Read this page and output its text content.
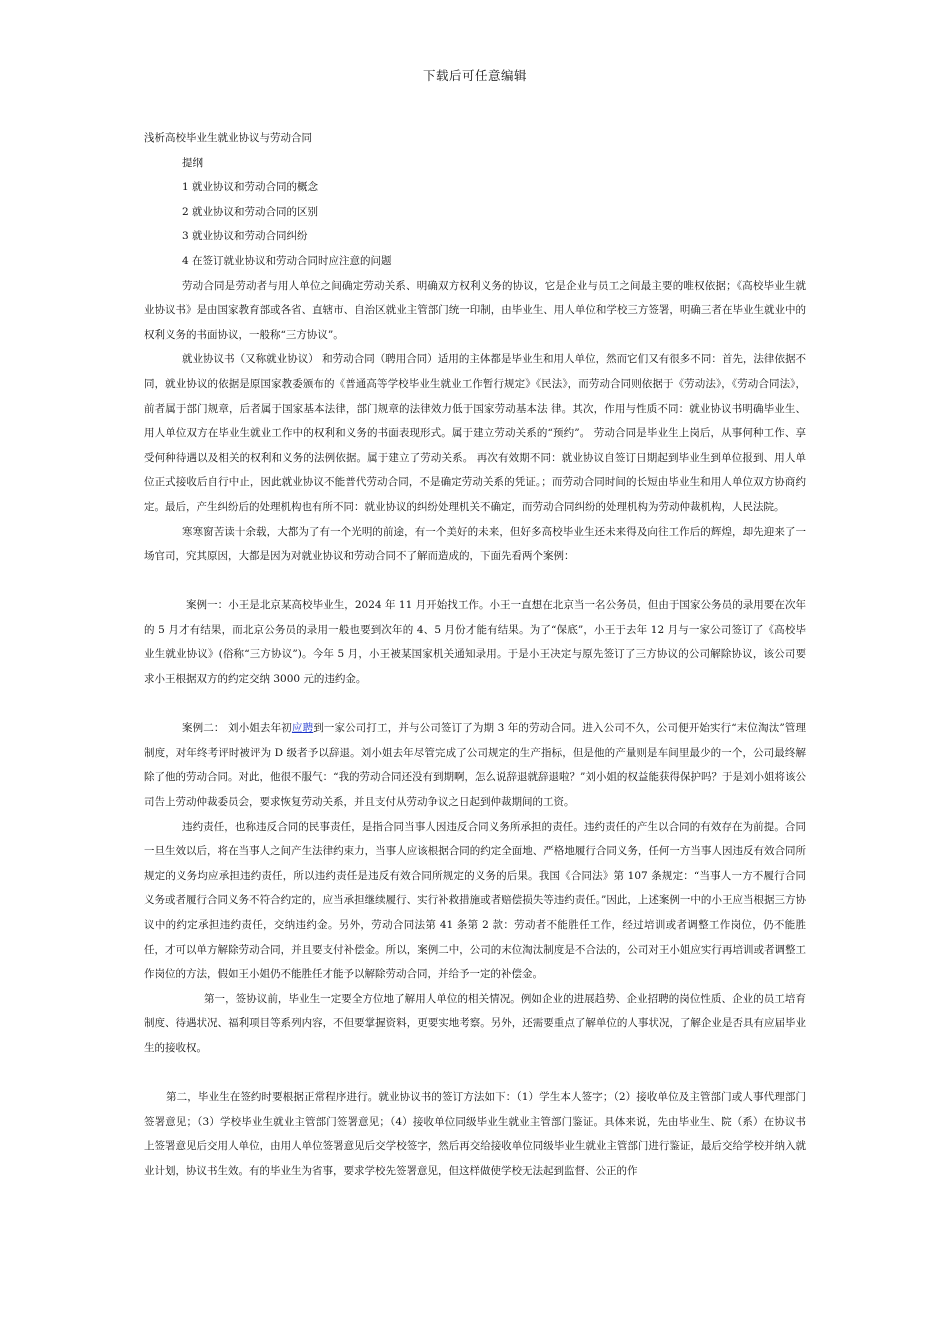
下载后可任意编辑

浅析高校毕业生就业协议与劳动合同

提纲

1 就业协议和劳动合同的概念

2 就业协议和劳动合同的区别

3 就业协议和劳动合同纠纷

4 在签订就业协议和劳动合同时应注意的问题

劳动合同是劳动者与用人单位之间确定劳动关系、明确双方权利义务的协议，它是企业与员工之间最主要的唯权依据；《高校毕业生就业协议书》是由国家教育部或各省、直辖市、自治区就业主管部门统一印制，由毕业生、用人单位和学校三方签署，明确三者在毕业生就业中的权利义务的书面协议，一般称“三方协议”。

就业协议书（又称就业协议） 和劳动合同（聘用合同）适用的主体都是毕业生和用人单位，然而它们又有很多不同：首先，法律依据不同，就业协议的依据是原国家教委颁布的《普通高等学校毕业生就业工作暂行规定》《民法》，而劳动合同则依据于《劳动法》，《劳动合同法》，前者属于部门规章，后者属于国家基本法律，部门规章的法律效力低于国家劳动基本法 律。其次，作用与性质不同：就业协议书明确毕业生、用人单位双方在毕业生就业工作中的权利和义务的书面表现形式。属于建立劳动关系的“预约”。 劳动合同是毕业生上岗后，从事何种工作、享受何种待遇以及相关的权利和义务的法例依据。属于建立了劳动关系。 再次有效期不同：就业协议自签订日期起到毕业生到单位报到、用人单位正式接收后自行中止，因此就业协议不能普代劳动合同，不是确定劳动关系的凭证。；而劳动合同时间的长短由毕业生和用人单位双方协商约定。最后，产生纠纷后的处理机构也有所不同：就业协议的纠纷处理机关不确定，而劳动合同纠纷的处理机构为劳动仲裁机构，人民法院。

寒寒窗苦读十余载，大都为了有一个光明的前途，有一个美好的未来，但好多高校毕业生还未来得及向往工作后的辉煌，却先迎来了一场官司，究其原因，大都是因为对就业协议和劳动合同不了解而造成的，下面先看两个案例：

案例一：小王是北京某高校毕业生，2024 年 11 月开始找工作。小王一直想在北京当一名公务员，但由于国家公务员的录用要在次年的 5 月才有结果，而北京公务员的录用一般也要到次年的 4、5 月份才能有结果。为了“保底”，小王于去年 12 月与一家公司签订了《高校毕业生就业协议》(俗称“三方协议”)。今年 5 月，小王被某国家机关通知录用。于是小王决定与原先签订了三方协议的公司解除协议，该公司要求小王根据双方的约定交纳 3000 元的违约金。

案例二： 刘小姐去年初应聘到一家公司打工，并与公司签订了为期 3 年的劳动合同。进入公司不久，公司便开始实行“末位淘汰”管理制度，对年终考评时被评为 D 级者予以辞退。刘小姐去年尽管完成了公司规定的生产指标，但是他的产量则是车间里最少的一个，公司最终解除了他的劳动合同。对此，他很不服气：“我的劳动合同还没有到期啊，怎么说辞退就辞退啦？”刘小姐的权益能获得保护吗？于是刘小姐将该公司告上劳动仲裁委员会，要求恢复劳动关系，并且支付从劳动争议之日起到仲裁期间的工资。

违约责任，也称违反合同的民事责任，是指合同当事人因违反合同义务所承担的责任。违约责任的产生以合同的有效存在为前提。合同一旦生效以后，将在当事人之间产生法律约束力，当事人应该根据合同的约定全面地、严格地履行合同义务，任何一方当事人因违反有效合同所规定的义务均应承担违约责任，所以违约责任是违反有效合同所规定的义务的后果。我国《合同法》第 107 条规定：“当事人一方不履行合同义务或者履行合同义务不符合约定的，应当承担继续履行、实行补救措施或者赔偿损失等违约责任。”因此，上述案例一中的小王应当根据三方协议中的约定承担违约责任，交纳违约金。另外，劳动合同法第 41 条第 2 款：劳动者不能胜任工作，经过培训或者调整工作岗位，仍不能胜任，才可以单方解除劳动合同，并且要支付补偿金。所以，案例二中，公司的末位淘汰制度是不合法的，公司对王小姐应实行再培训或者调整工作岗位的方法，假如王小姐仍不能胜任才能予以解除劳动合同，并给予一定的补偿金。

第一，签协议前，毕业生一定要全方位地了解用人单位的相关情况。例如企业的进展趋势、企业招聘的岗位性质、企业的员工培育制度、待遇状况、福利项目等系列内容，不但要掌握资料，更要实地考察。另外，还需要重点了解单位的人事状况，了解企业是否具有应届毕业生的接收权。

第二，毕业生在签约时要根据正常程序进行。就业协议书的签订方法如下：（1）学生本人签字；（2）接收单位及主管部门或人事代理部门签署意见；（3）学校毕业生就业主管部门签署意见；（4）接收单位同级毕业生就业主管部门鉴证。具体来说，先由毕业生、院（系）在协议书上签署意见后交用人单位，由用人单位签署意见后交学校签字，然后再交给接收单位同级毕业生就业主管部门进行鉴证，最后交给学校并纳入就业计划，协议书生效。有的毕业生为省事，要求学校先签署意见，但这样做使学校无法起到监督、公正的作
